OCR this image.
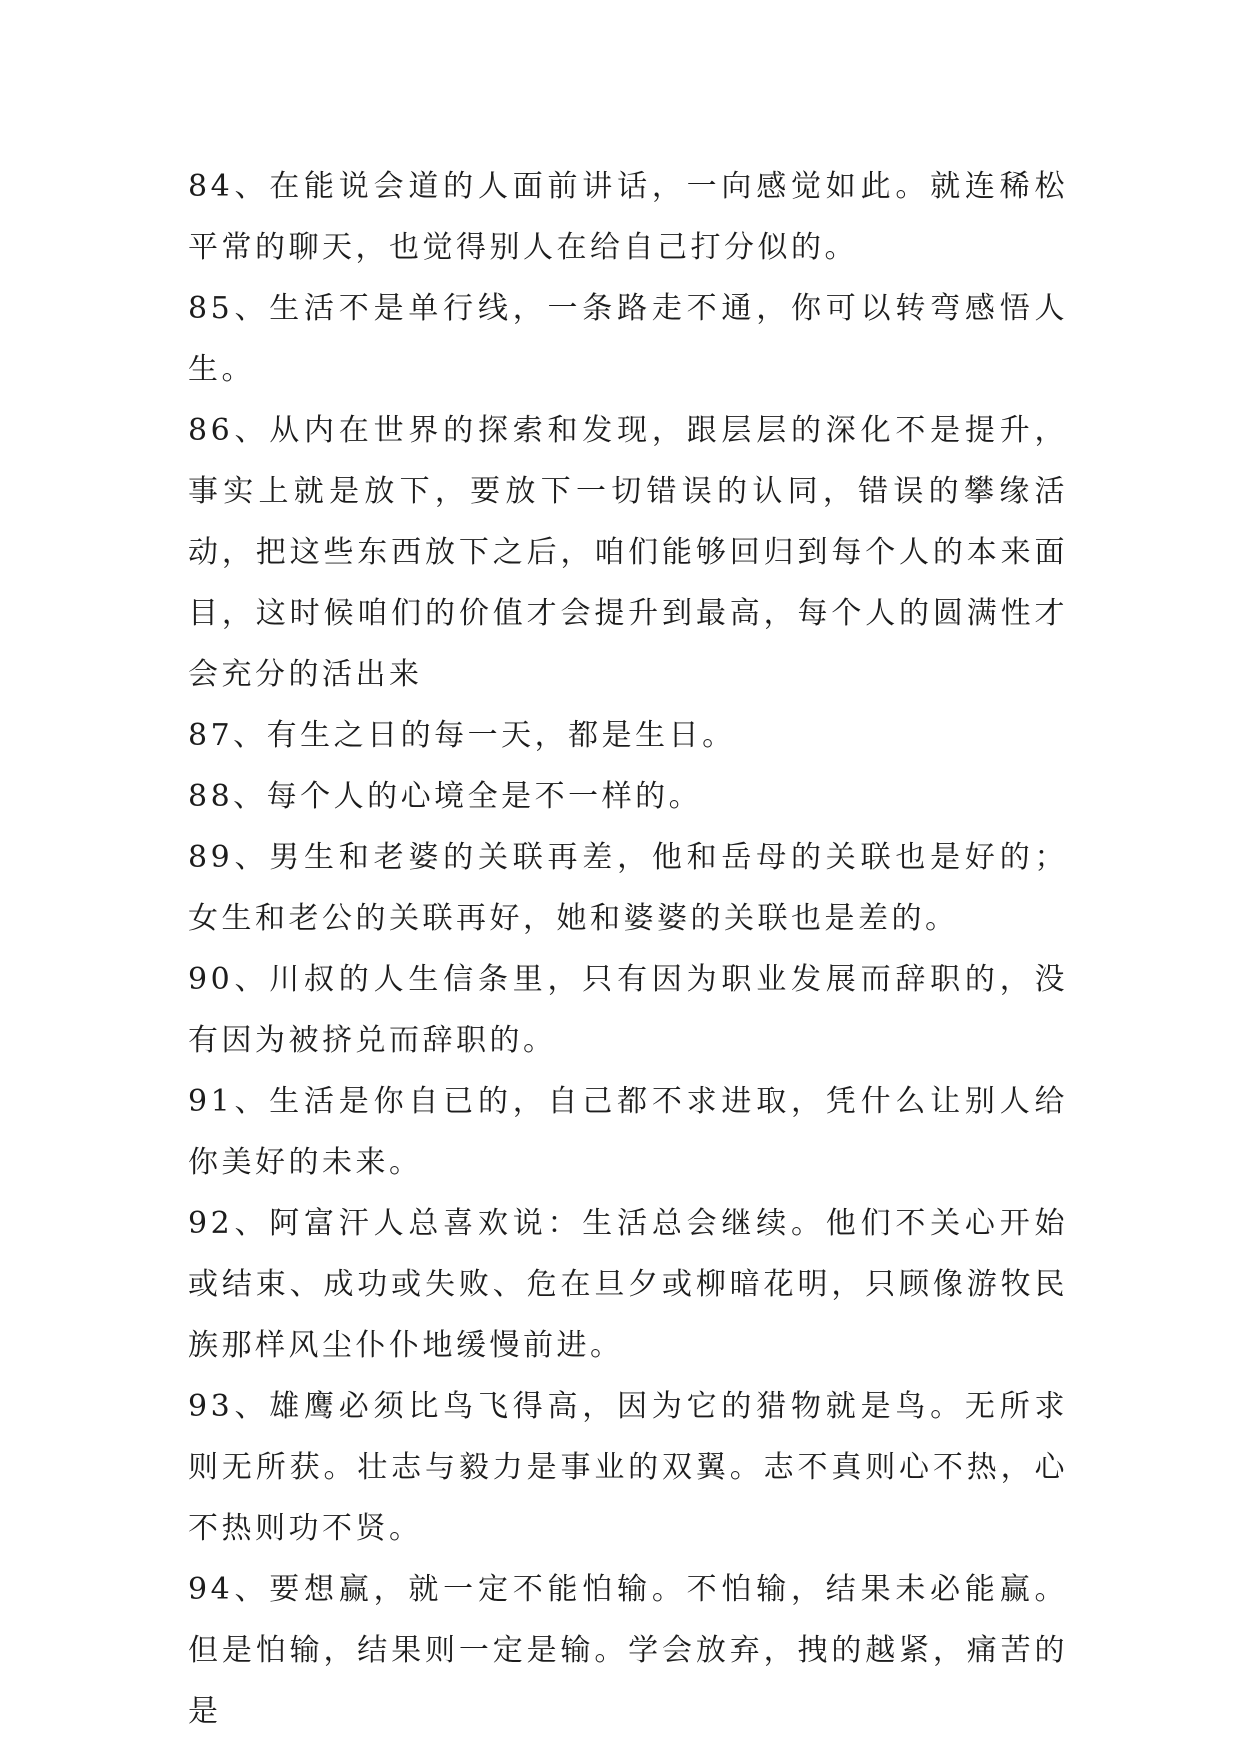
84、在能说会道的人面前讲话，一向感觉如此。就连稀松平常的聊天，也觉得别人在给自己打分似的。

85、生活不是单行线，一条路走不通，你可以转弯感悟人生。

86、从内在世界的探索和发现，跟层层的深化不是提升，事实上就是放下，要放下一切错误的认同，错误的攀缘活动，把这些东西放下之后，咱们能够回归到每个人的本来面目，这时候咱们的价值才会提升到最高，每个人的圆满性才会充分的活出来

87、有生之日的每一天，都是生日。

88、每个人的心境全是不一样的。

89、男生和老婆的关联再差，他和岳母的关联也是好的；女生和老公的关联再好，她和婆婆的关联也是差的。

90、川叔的人生信条里，只有因为职业发展而辞职的，没有因为被挤兑而辞职的。

91、生活是你自已的，自己都不求进取，凭什么让别人给你美好的未来。

92、阿富汗人总喜欢说：生活总会继续。他们不关心开始或结束、成功或失败、危在旦夕或柳暗花明，只顾像游牧民族那样风尘仆仆地缓慢前进。

93、雄鹰必须比鸟飞得高，因为它的猎物就是鸟。无所求则无所获。壮志与毅力是事业的双翼。志不真则心不热，心不热则功不贤。

94、要想赢，就一定不能怕输。不怕输，结果未必能赢。但是怕输，结果则一定是输。学会放弃，拽的越紧，痛苦的是
